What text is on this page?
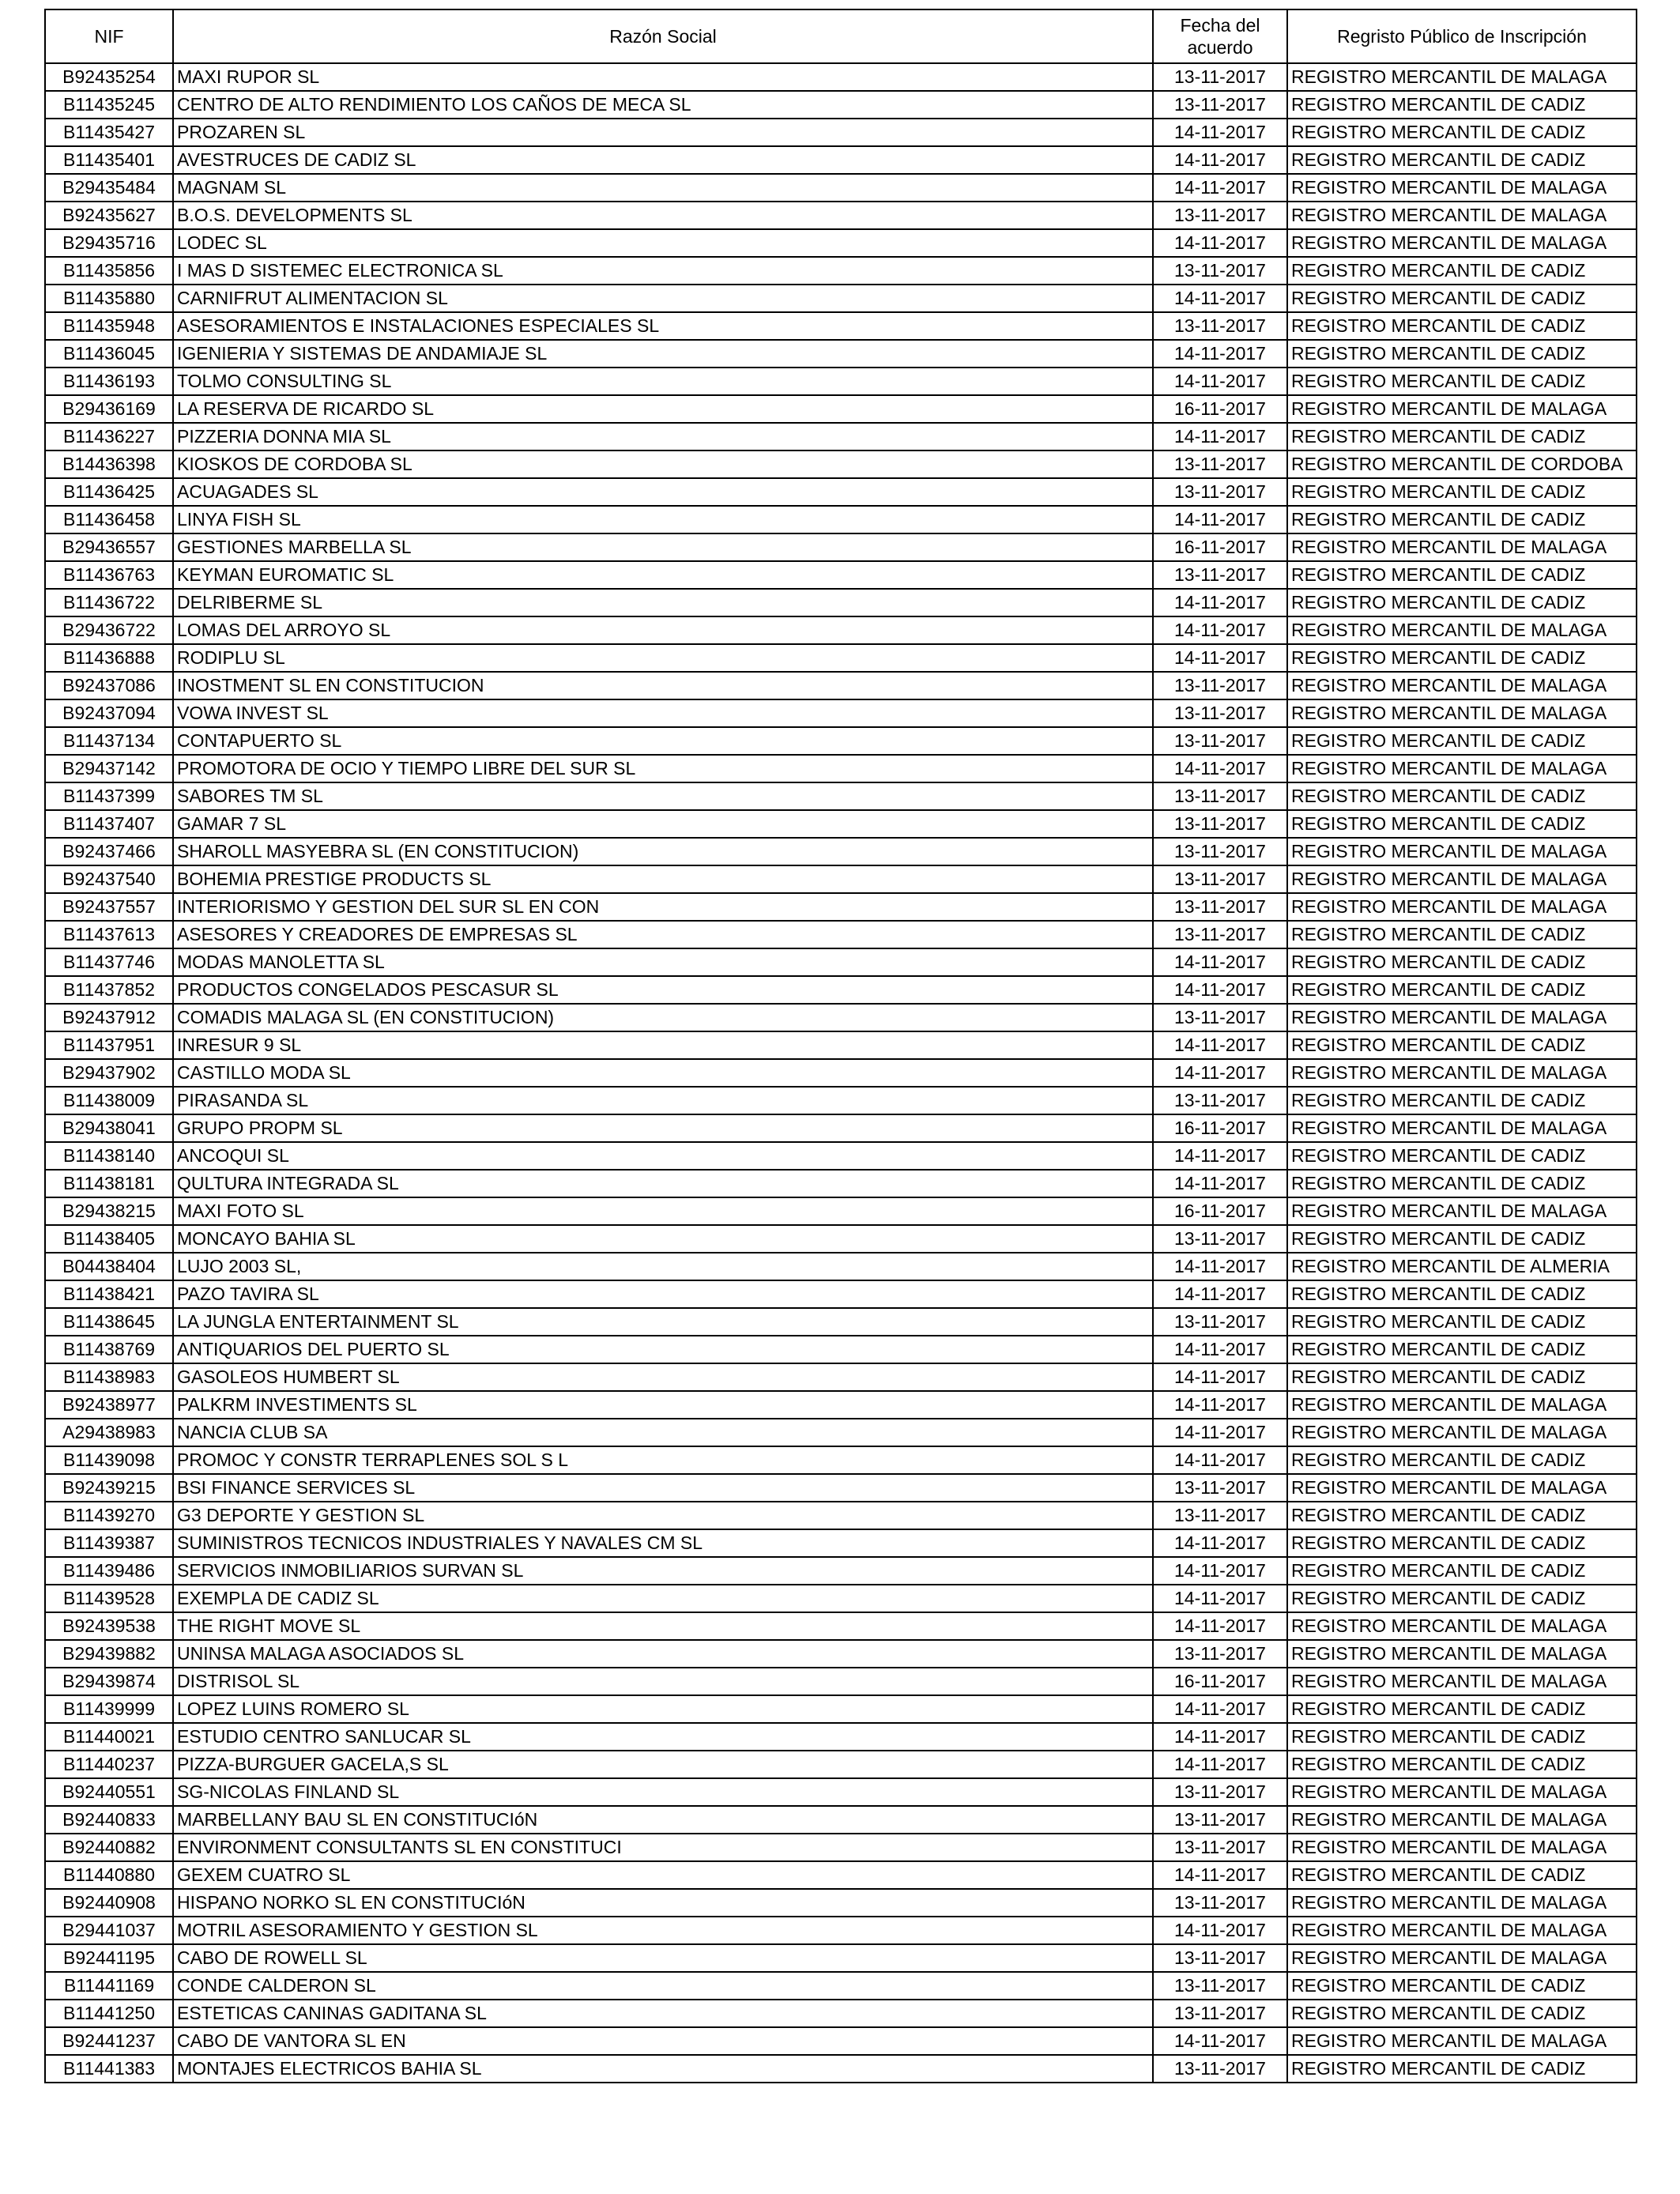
NIF	Razón Social	Fecha del acuerdo	Regristo Público de Inscripción
B92435254	MAXI RUPOR SL	13-11-2017	REGISTRO MERCANTIL DE MALAGA
B11435245	CENTRO DE ALTO RENDIMIENTO LOS CAÑOS DE MECA SL	13-11-2017	REGISTRO MERCANTIL DE CADIZ
B11435427	PROZAREN SL	14-11-2017	REGISTRO MERCANTIL DE CADIZ
B11435401	AVESTRUCES DE CADIZ SL	14-11-2017	REGISTRO MERCANTIL DE CADIZ
B29435484	MAGNAM SL	14-11-2017	REGISTRO MERCANTIL DE MALAGA
B92435627	B.O.S. DEVELOPMENTS SL	13-11-2017	REGISTRO MERCANTIL DE MALAGA
B29435716	LODEC SL	14-11-2017	REGISTRO MERCANTIL DE MALAGA
B11435856	I MAS D SISTEMEC ELECTRONICA SL	13-11-2017	REGISTRO MERCANTIL DE CADIZ
B11435880	CARNIFRUT ALIMENTACION SL	14-11-2017	REGISTRO MERCANTIL DE CADIZ
B11435948	ASESORAMIENTOS E INSTALACIONES ESPECIALES SL	13-11-2017	REGISTRO MERCANTIL DE CADIZ
B11436045	IGENIERIA Y SISTEMAS DE ANDAMIAJE SL	14-11-2017	REGISTRO MERCANTIL DE CADIZ
B11436193	TOLMO CONSULTING SL	14-11-2017	REGISTRO MERCANTIL DE CADIZ
B29436169	LA RESERVA DE RICARDO SL	16-11-2017	REGISTRO MERCANTIL DE MALAGA
B11436227	PIZZERIA DONNA MIA SL	14-11-2017	REGISTRO MERCANTIL DE CADIZ
B14436398	KIOSKOS DE CORDOBA SL	13-11-2017	REGISTRO MERCANTIL DE CORDOBA
B11436425	ACUAGADES SL	13-11-2017	REGISTRO MERCANTIL DE CADIZ
B11436458	LINYA FISH SL	14-11-2017	REGISTRO MERCANTIL DE CADIZ
B29436557	GESTIONES MARBELLA SL	16-11-2017	REGISTRO MERCANTIL DE MALAGA
B11436763	KEYMAN EUROMATIC SL	13-11-2017	REGISTRO MERCANTIL DE CADIZ
B11436722	DELRIBERME SL	14-11-2017	REGISTRO MERCANTIL DE CADIZ
B29436722	LOMAS DEL ARROYO SL	14-11-2017	REGISTRO MERCANTIL DE MALAGA
B11436888	RODIPLU SL	14-11-2017	REGISTRO MERCANTIL DE CADIZ
B92437086	INOSTMENT SL EN CONSTITUCION	13-11-2017	REGISTRO MERCANTIL DE MALAGA
B92437094	VOWA INVEST SL	13-11-2017	REGISTRO MERCANTIL DE MALAGA
B11437134	CONTAPUERTO SL	13-11-2017	REGISTRO MERCANTIL DE CADIZ
B29437142	PROMOTORA DE OCIO Y TIEMPO LIBRE DEL SUR SL	14-11-2017	REGISTRO MERCANTIL DE MALAGA
B11437399	SABORES TM SL	13-11-2017	REGISTRO MERCANTIL DE CADIZ
B11437407	GAMAR 7 SL	13-11-2017	REGISTRO MERCANTIL DE CADIZ
B92437466	SHAROLL MASYEBRA SL (EN CONSTITUCION)	13-11-2017	REGISTRO MERCANTIL DE MALAGA
B92437540	BOHEMIA PRESTIGE PRODUCTS SL	13-11-2017	REGISTRO MERCANTIL DE MALAGA
B92437557	INTERIORISMO Y GESTION DEL SUR SL EN CON	13-11-2017	REGISTRO MERCANTIL DE MALAGA
B11437613	ASESORES Y CREADORES DE EMPRESAS SL	13-11-2017	REGISTRO MERCANTIL DE CADIZ
B11437746	MODAS MANOLETTA SL	14-11-2017	REGISTRO MERCANTIL DE CADIZ
B11437852	PRODUCTOS CONGELADOS PESCASUR SL	14-11-2017	REGISTRO MERCANTIL DE CADIZ
B92437912	COMADIS MALAGA SL (EN CONSTITUCION)	13-11-2017	REGISTRO MERCANTIL DE MALAGA
B11437951	INRESUR 9 SL	14-11-2017	REGISTRO MERCANTIL DE CADIZ
B29437902	CASTILLO MODA SL	14-11-2017	REGISTRO MERCANTIL DE MALAGA
B11438009	PIRASANDA SL	13-11-2017	REGISTRO MERCANTIL DE CADIZ
B29438041	GRUPO PROPM SL	16-11-2017	REGISTRO MERCANTIL DE MALAGA
B11438140	ANCOQUI SL	14-11-2017	REGISTRO MERCANTIL DE CADIZ
B11438181	QULTURA INTEGRADA SL	14-11-2017	REGISTRO MERCANTIL DE CADIZ
B29438215	MAXI FOTO SL	16-11-2017	REGISTRO MERCANTIL DE MALAGA
B11438405	MONCAYO BAHIA SL	13-11-2017	REGISTRO MERCANTIL DE CADIZ
B04438404	LUJO 2003 SL,	14-11-2017	REGISTRO MERCANTIL DE ALMERIA
B11438421	PAZO TAVIRA SL	14-11-2017	REGISTRO MERCANTIL DE CADIZ
B11438645	LA JUNGLA ENTERTAINMENT SL	13-11-2017	REGISTRO MERCANTIL DE CADIZ
B11438769	ANTIQUARIOS DEL PUERTO SL	14-11-2017	REGISTRO MERCANTIL DE CADIZ
B11438983	GASOLEOS HUMBERT SL	14-11-2017	REGISTRO MERCANTIL DE CADIZ
B92438977	PALKRM INVESTIMENTS SL	14-11-2017	REGISTRO MERCANTIL DE MALAGA
A29438983	NANCIA CLUB SA	14-11-2017	REGISTRO MERCANTIL DE MALAGA
B11439098	PROMOC Y CONSTR TERRAPLENES SOL S L	14-11-2017	REGISTRO MERCANTIL DE CADIZ
B92439215	BSI FINANCE SERVICES SL	13-11-2017	REGISTRO MERCANTIL DE MALAGA
B11439270	G3 DEPORTE Y GESTION SL	13-11-2017	REGISTRO MERCANTIL DE CADIZ
B11439387	SUMINISTROS TECNICOS INDUSTRIALES Y NAVALES CM SL	14-11-2017	REGISTRO MERCANTIL DE CADIZ
B11439486	SERVICIOS INMOBILIARIOS SURVAN SL	14-11-2017	REGISTRO MERCANTIL DE CADIZ
B11439528	EXEMPLA DE CADIZ SL	14-11-2017	REGISTRO MERCANTIL DE CADIZ
B92439538	THE RIGHT MOVE SL	14-11-2017	REGISTRO MERCANTIL DE MALAGA
B29439882	UNINSA MALAGA ASOCIADOS SL	13-11-2017	REGISTRO MERCANTIL DE MALAGA
B29439874	DISTRISOL SL	16-11-2017	REGISTRO MERCANTIL DE MALAGA
B11439999	LOPEZ LUINS ROMERO SL	14-11-2017	REGISTRO MERCANTIL DE CADIZ
B11440021	ESTUDIO CENTRO SANLUCAR SL	14-11-2017	REGISTRO MERCANTIL DE CADIZ
B11440237	PIZZA-BURGUER GACELA,S SL	14-11-2017	REGISTRO MERCANTIL DE CADIZ
B92440551	SG-NICOLAS FINLAND SL	13-11-2017	REGISTRO MERCANTIL DE MALAGA
B92440833	MARBELLANY BAU SL EN CONSTITUCIóN	13-11-2017	REGISTRO MERCANTIL DE MALAGA
B92440882	ENVIRONMENT CONSULTANTS SL EN CONSTITUCI	13-11-2017	REGISTRO MERCANTIL DE MALAGA
B11440880	GEXEM CUATRO SL	14-11-2017	REGISTRO MERCANTIL DE CADIZ
B92440908	HISPANO NORKO SL EN CONSTITUCIóN	13-11-2017	REGISTRO MERCANTIL DE MALAGA
B29441037	MOTRIL ASESORAMIENTO Y GESTION SL	14-11-2017	REGISTRO MERCANTIL DE MALAGA
B92441195	CABO DE ROWELL SL	13-11-2017	REGISTRO MERCANTIL DE MALAGA
B11441169	CONDE CALDERON SL	13-11-2017	REGISTRO MERCANTIL DE CADIZ
B11441250	ESTETICAS CANINAS GADITANA SL	13-11-2017	REGISTRO MERCANTIL DE CADIZ
B92441237	CABO DE VANTORA SL EN	14-11-2017	REGISTRO MERCANTIL DE MALAGA
B11441383	MONTAJES ELECTRICOS BAHIA SL	13-11-2017	REGISTRO MERCANTIL DE CADIZ
